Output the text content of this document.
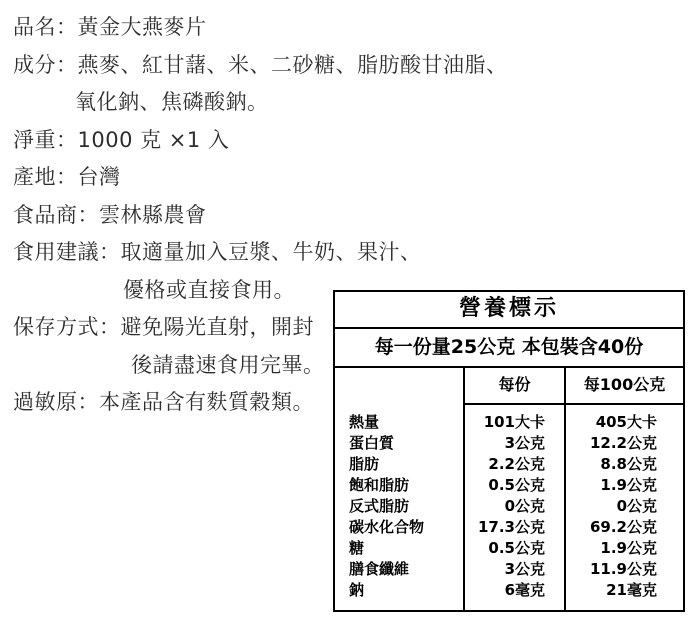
品名：黃金大燕麥片
成分：燕麥、紅甘藷、米、二砂糖、脂肪酸甘油脂、
氧化鈉、焦磷酸鈉。
淨重：1000 克 ×1 入
產地：台灣
食品商：雲林縣農會
食用建議：取適量加入豆漿、牛奶、果汁、
優格或直接食用。
保存方式：避免陽光直射，開封
後請盡速食用完畢。
過敏原：本產品含有麩質穀類。
營養標示
每一份量25公克 本包裝含40份
每份	每100公克
熱量
蛋白質
脂肪
飽和脂肪
反式脂肪
碳水化合物
糖
膳食纖維
鈉
101大卡
3公克
2.2公克
0.5公克
0公克
17.3公克
0.5公克
3公克
6毫克
405大卡
12.2公克
8.8公克
1.9公克
0公克
69.2公克
1.9公克
11.9公克
21毫克
